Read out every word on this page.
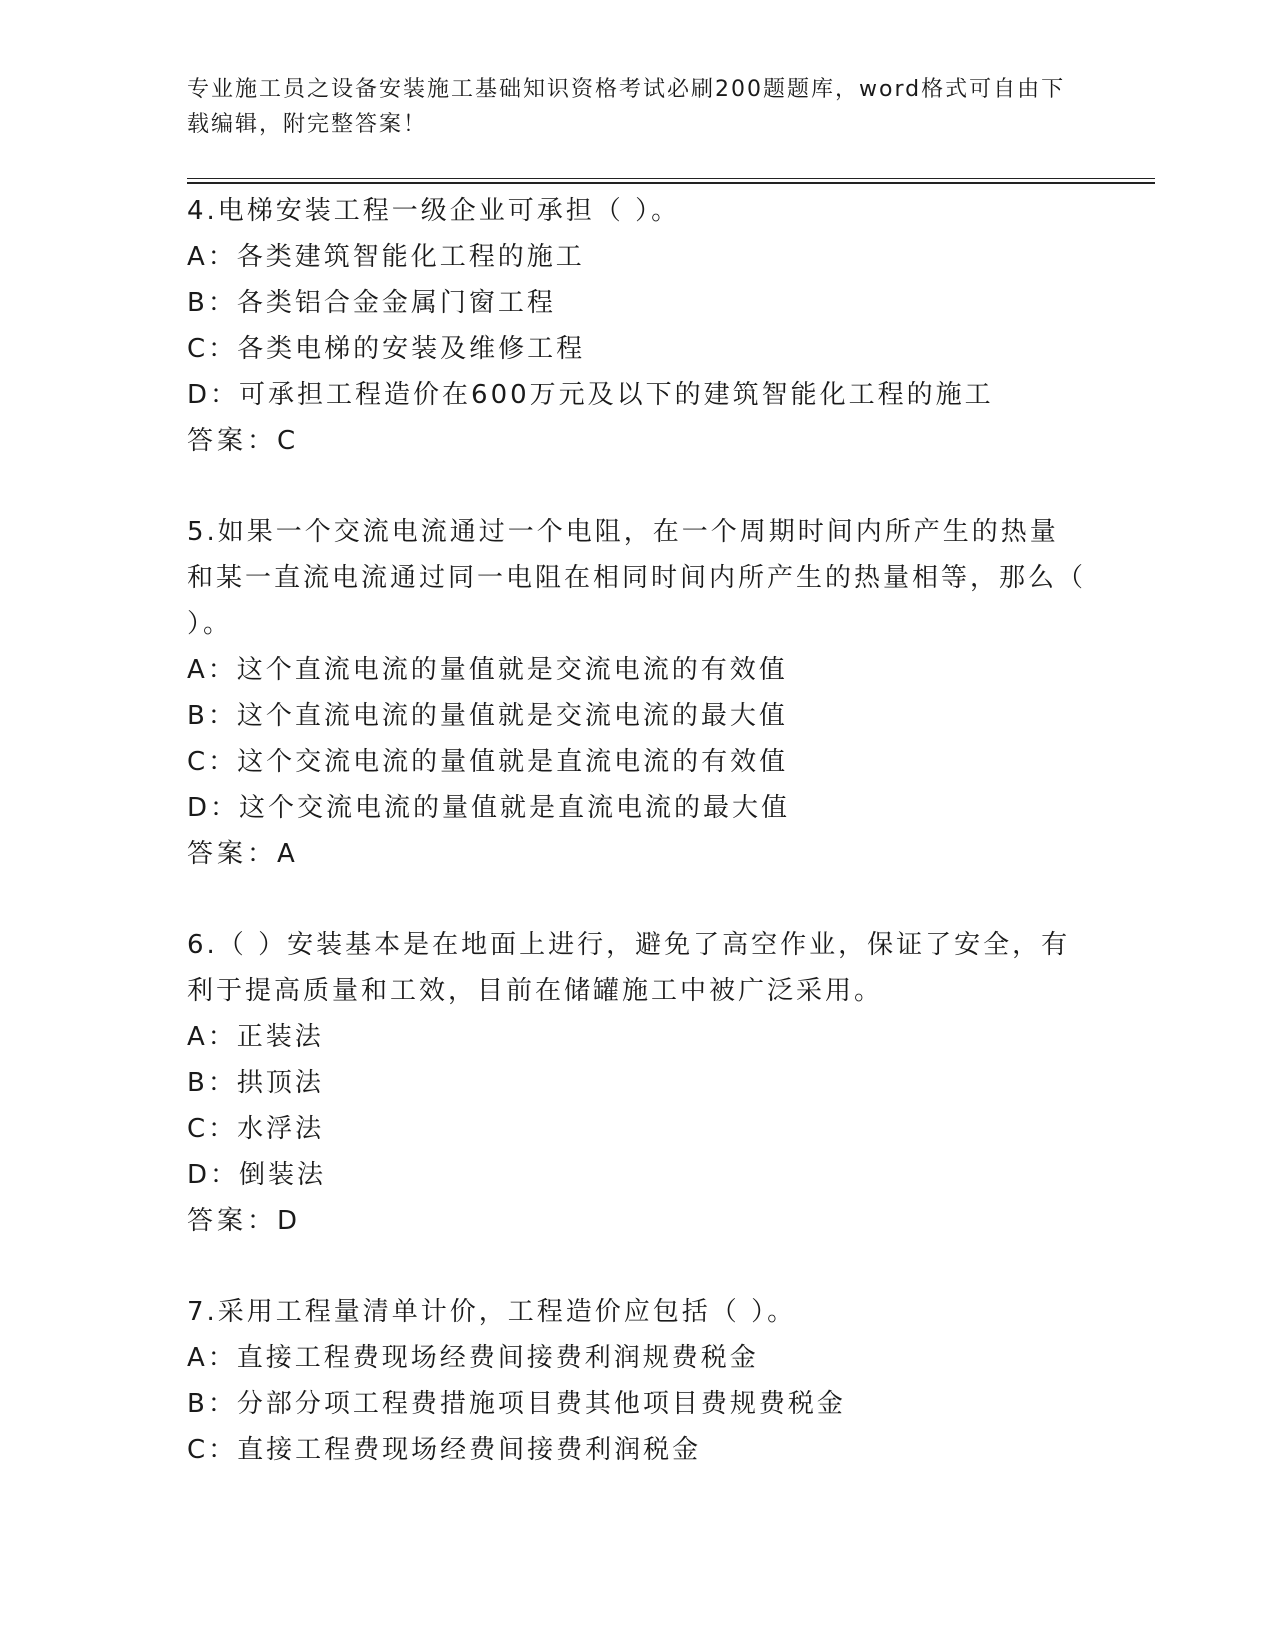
专业施工员之设备安装施工基础知识资格考试必刷200题题库，word格式可自由下载编辑，附完整答案！
4.电梯安装工程一级企业可承担（ ）。
A：各类建筑智能化工程的施工
B：各类铝合金金属门窗工程
C：各类电梯的安装及维修工程
D：可承担工程造价在600万元及以下的建筑智能化工程的施工
答案：C
5.如果一个交流电流通过一个电阻，在一个周期时间内所产生的热量和某一直流电流通过同一电阻在相同时间内所产生的热量相等，那么（ ）。
A：这个直流电流的量值就是交流电流的有效值
B：这个直流电流的量值就是交流电流的最大值
C：这个交流电流的量值就是直流电流的有效值
D：这个交流电流的量值就是直流电流的最大值
答案：A
6.（ ）安装基本是在地面上进行，避免了高空作业，保证了安全，有利于提高质量和工效，目前在储罐施工中被广泛采用。
A：正装法
B：拱顶法
C：水浮法
D：倒装法
答案：D
7.采用工程量清单计价，工程造价应包括（ ）。
A：直接工程费现场经费间接费利润规费税金
B：分部分项工程费措施项目费其他项目费规费税金
C：直接工程费现场经费间接费利润税金
